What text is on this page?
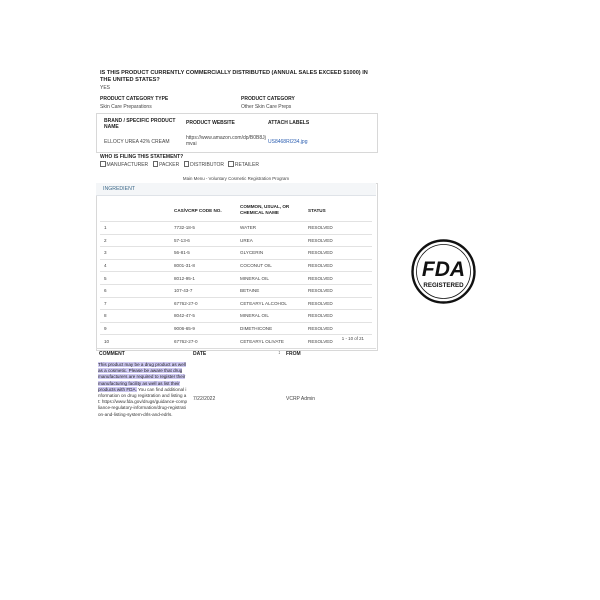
IS THIS PRODUCT CURRENTLY COMMERCIALLY DISTRIBUTED (ANNUAL SALES EXCEED $1000) IN THE UNITED STATES?
YES
PRODUCT CATEGORY TYPE
Skin Care Preparations
PRODUCT CATEGORY
Other Skin Care Preps
BRAND / SPECIFIC PRODUCT NAME
ELLOCY UREA 42% CREAM
PRODUCT WEBSITE
https://www.amazon.com/dp/B0B8Jjmvai
ATTACH LABELS
US8468RI234.jpg
WHO IS FILING THIS STATEMENT?
MANUFACTURER PACKER DISTRIBUTOR RETAILER
Main Menu - Voluntary Cosmetic Registration Program
INGREDIENT
	CAS/VCRP CODE NO.	COMMON, USUAL, OR CHEMICAL NAME	STATUS
1	7732-18-5	WATER	RESOLVED
2	57-13-6	UREA	RESOLVED
3	56-81-5	GLYCERIN	RESOLVED
4	8001-31-8	COCONUT OIL	RESOLVED
5	8012-95-1	MINERAL OIL	RESOLVED
6	107-43-7	BETAINE	RESOLVED
7	67762-27-0	CETEARYL ALCOHOL	RESOLVED
8	8042-47-5	MINERAL OIL	RESOLVED
9	9006-65-9	DIMETHICONE	RESOLVED
10	67762-27-0	CETEARYL OLIVATE	RESOLVED
1 - 10 of 21
COMMENT	DATE	↕ FROM
This product may be a drug product as well as a cosmetic. Please be aware that drug manufacturers are required to register their manufacturing facility as well as list their products with FDA. You can find additional information on drug registration and listing at: https://www.fda.gov/drugs/guidance-compliance-regulatory-information/drug-registration-and-listing-system-drls-and-edrls.
7/22/2022	VCRP Admin
FDA
REGISTERED
